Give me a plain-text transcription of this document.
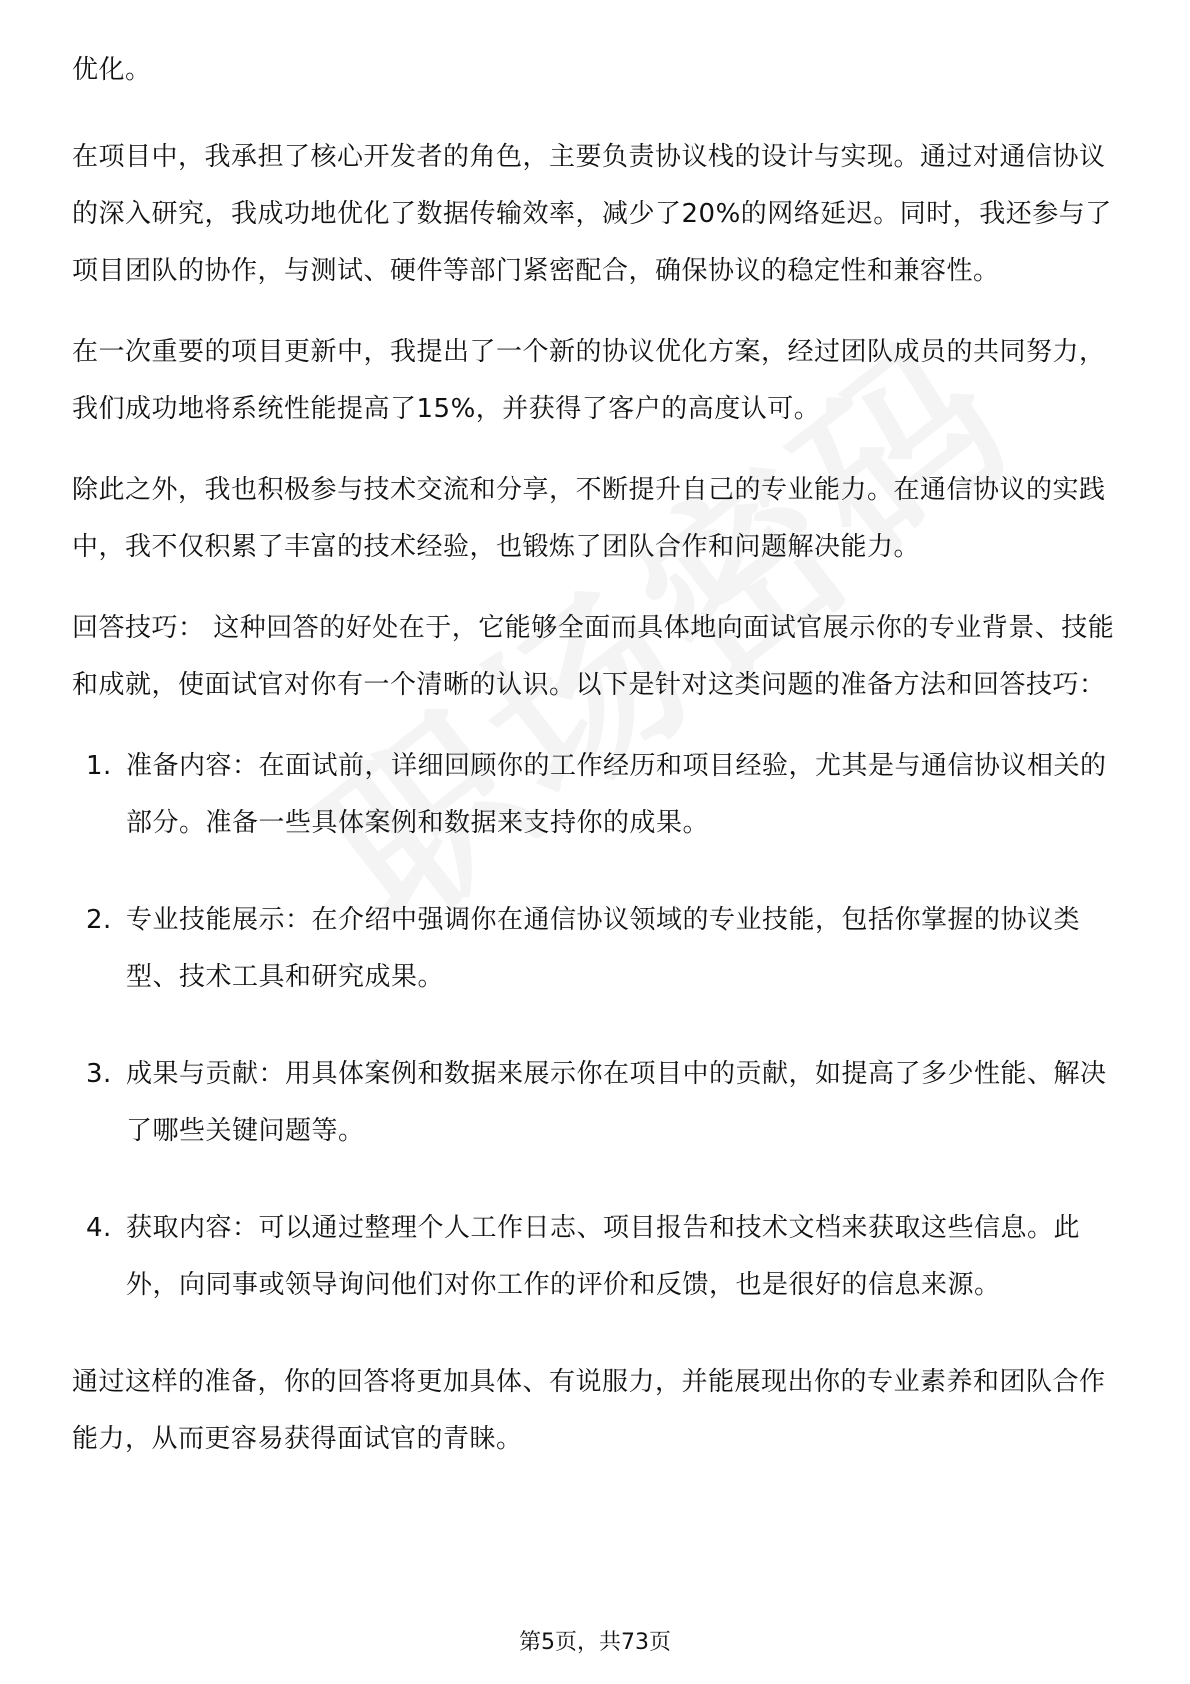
优化。

在项目中，我承担了核心开发者的角色，主要负责协议栈的设计与实现。通过对通信协议的深入研究，我成功地优化了数据传输效率，减少了20%的网络延迟。同时，我还参与了项目团队的协作，与测试、硬件等部门紧密配合，确保协议的稳定性和兼容性。

在一次重要的项目更新中，我提出了一个新的协议优化方案，经过团队成员的共同努力，我们成功地将系统性能提高了15%，并获得了客户的高度认可。

除此之外，我也积极参与技术交流和分享，不断提升自己的专业能力。在通信协议的实践中，我不仅积累了丰富的技术经验，也锻炼了团队合作和问题解决能力。

回答技巧： 这种回答的好处在于，它能够全面而具体地向面试官展示你的专业背景、技能和成就，使面试官对你有一个清晰的认识。以下是针对这类问题的准备方法和回答技巧：

1. 准备内容：在面试前，详细回顾你的工作经历和项目经验，尤其是与通信协议相关的部分。准备一些具体案例和数据来支持你的成果。
2. 专业技能展示：在介绍中强调你在通信协议领域的专业技能，包括你掌握的协议类型、技术工具和研究成果。
3. 成果与贡献：用具体案例和数据来展示你在项目中的贡献，如提高了多少性能、解决了哪些关键问题等。
4. 获取内容：可以通过整理个人工作日志、项目报告和技术文档来获取这些信息。此外，向同事或领导询问他们对你工作的评价和反馈，也是很好的信息来源。

通过这样的准备，你的回答将更加具体、有说服力，并能展现出你的专业素养和团队合作能力，从而更容易获得面试官的青睐。

第5页，共73页
